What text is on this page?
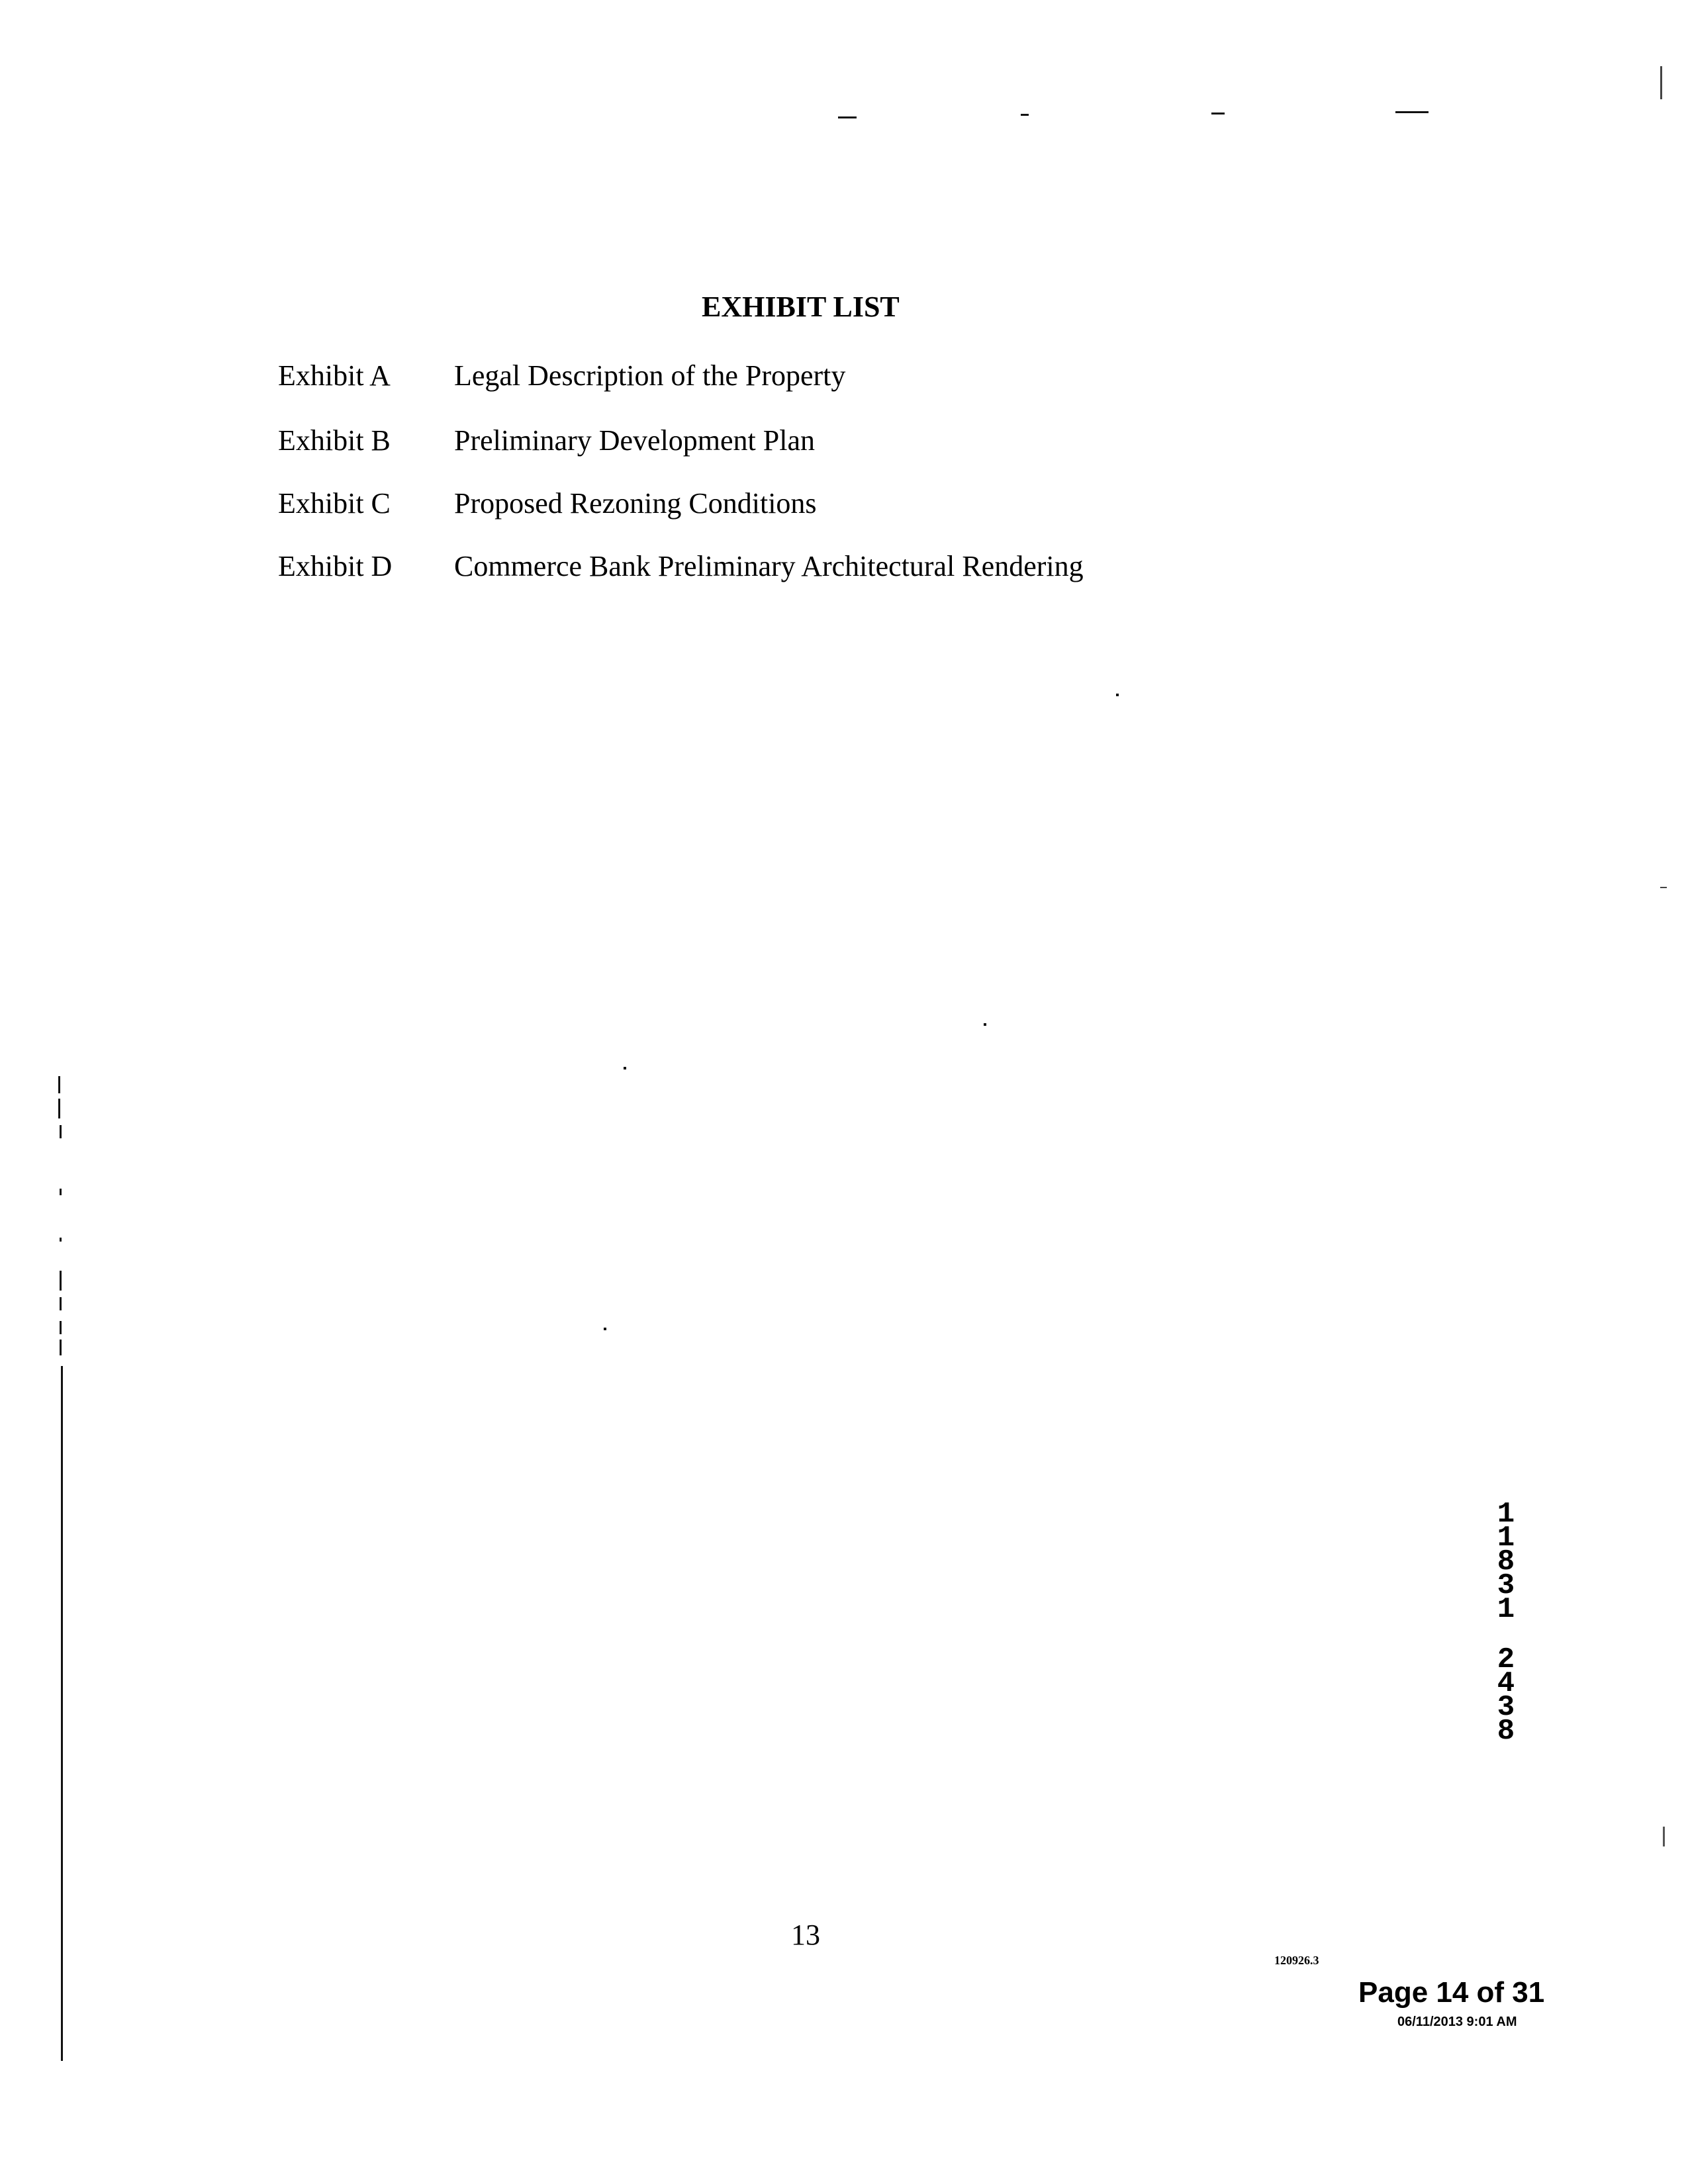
EXHIBIT LIST
Exhibit A Legal Description of the Property
Exhibit B Preliminary Development Plan
Exhibit C Proposed Rezoning Conditions
Exhibit D Commerce Bank Preliminary Architectural Rendering
1
1
8
3
1
2
4
3
8
13
120926.3
Page 14 of 31
06/11/2013 9:01 AM
